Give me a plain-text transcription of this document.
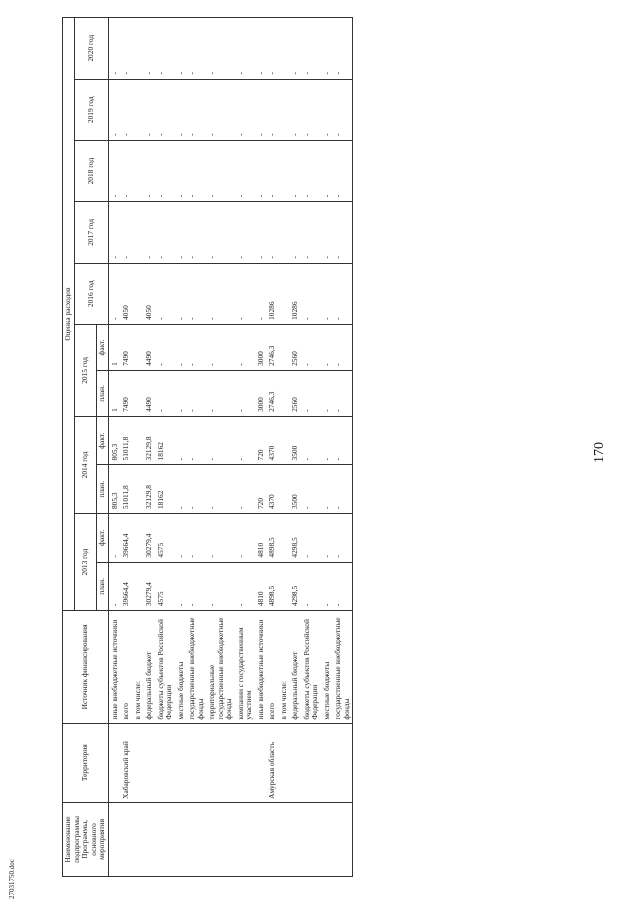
170
Наименование подпрограммы Программы, основного мероприятия	Территория	Источник финансирования	Оценка расходов										
			2013 год		2014 год		2015 год		2016 год	2017 год	2018 год	2019 год	2020 год
			план.	факт.	план.	факт.	план.	факт.					
		иные внебюджетные источники	-	-	805,3	805,3	1	1	-	-	-	-	-
	Хабаровский край	всего	39664,4	39664,4	51011,8	51011,8	7490	7490	4050	-	-	-	-
		в том числе:											
		федеральный бюджет	30279,4	30279,4	32129,8	32129,8	4490	4490	4050	-	-	-	-
		бюджеты субъектов Российской Федерации	4575	4575	18162	18162	-	-	-	-	-	-	-
		местные бюджеты	-	-	-	-	-	-	-	-	-	-	-
		государственные внебюджетные фонды	-	-	-	-	-	-	-	-	-	-	-
		территориальные государственные внебюджетные фонды	-	-	-	-	-	-	-	-	-	-	-
		компании с государственным участием	-	-	-	-	-	-	-	-	-	-	-
		иные внебюджетные источники	4810	4810	720	720	3000	3000	-	-	-	-	-
	Амурская область	всего	4898,5	4898,5	4370	4370	2746,3	2746,3	10286	-	-	-	-
		в том числе:											
		федеральный бюджет	4298,5	4298,5	3500	3500	2560	2560	10286	-	-	-	-
		бюджеты субъектов Российской Федерации	-	-	-	-	-	-	-	-	-	-	-
		местные бюджеты	-	-	-	-	-	-	-	-	-	-	-
		государственные внебюджетные фонды	-	-	-	-	-	-	-	-	-	-	-
27031750.doc
